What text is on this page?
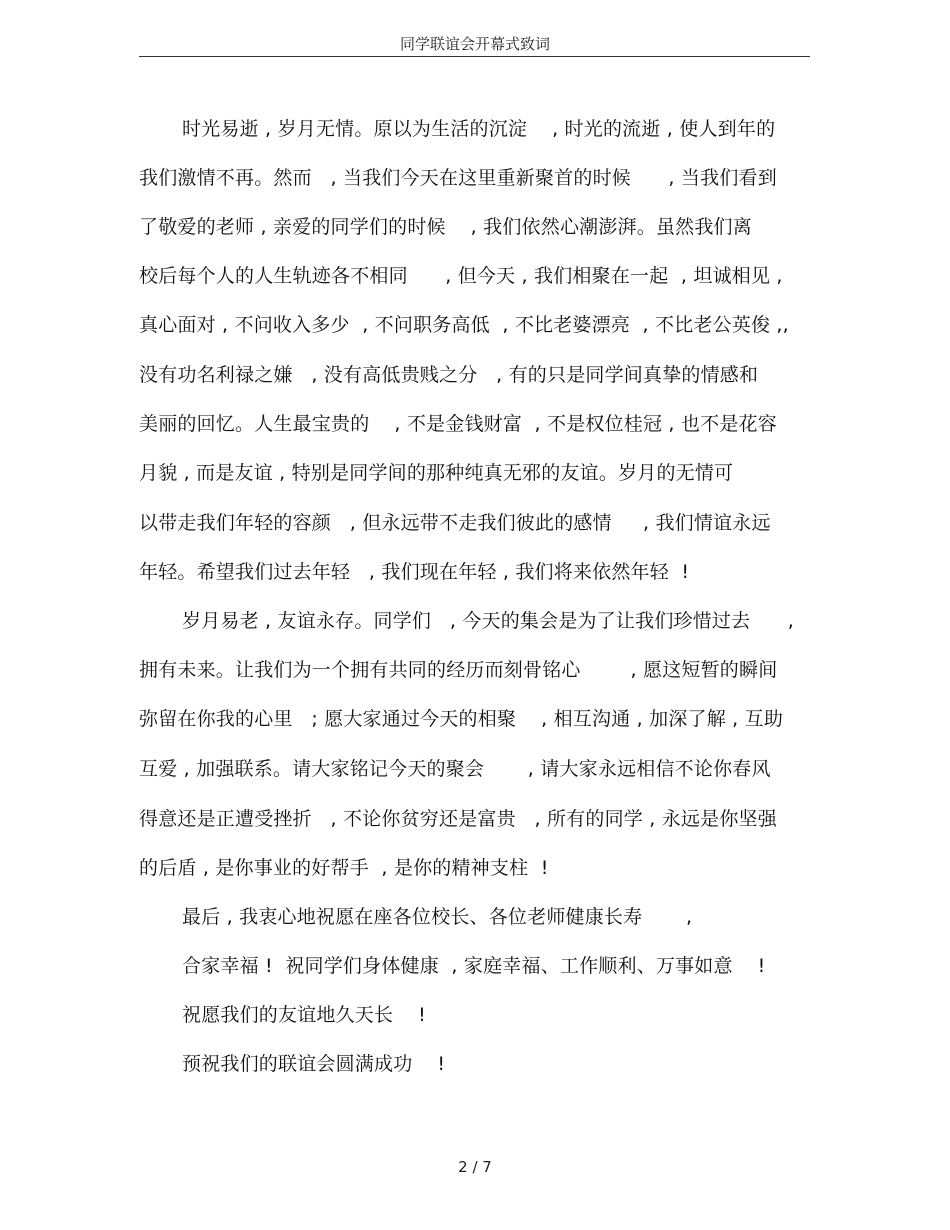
同学联谊会开幕式致词
时光易逝 , 岁月无情。原以为生活的沉淀    , 时光的流逝 , 使人到年的
我们激情不再。然而   , 当我们今天在这里重新聚首的时候      , 当我们看到
了敬爱的老师 , 亲爱的同学们的时候    , 我们依然心潮澎湃。虽然我们离
校后每个人的人生轨迹各不相同      , 但今天 , 我们相聚在一起  , 坦诚相见 ,
真心面对 , 不问收入多少  , 不问职务高低  , 不比老婆漂亮  , 不比老公英俊 ,,
没有功名利禄之嫌   , 没有高低贵贱之分   , 有的只是同学间真挚的情感和
美丽的回忆。人生最宝贵的    , 不是金钱财富  , 不是权位桂冠 , 也不是花容
月貌 , 而是友谊 , 特别是同学间的那种纯真无邪的友谊。岁月的无情可
以带走我们年轻的容颜   , 但永远带不走我们彼此的感情     , 我们情谊永远
年轻。希望我们过去年轻   , 我们现在年轻 , 我们将来依然年轻  !
岁月易老 , 友谊永存。同学们   , 今天的集会是为了让我们珍惜过去      ,
拥有未来。让我们为一个拥有共同的经历而刻骨铭心        , 愿这短暂的瞬间
弥留在你我的心里   ; 愿大家通过今天的相聚    , 相互沟通 , 加深了解 , 互助
互爱 , 加强联系。请大家铭记今天的聚会       , 请大家永远相信不论你春风
得意还是正遭受挫折   , 不论你贫穷还是富贵   , 所有的同学 , 永远是你坚强
的后盾 , 是你事业的好帮手  , 是你的精神支柱  !
最后 , 我衷心地祝愿在座各位校长、各位老师健康长寿       ,
合家幸福 !  祝同学们身体健康  , 家庭幸福、工作顺利、万事如意    !
祝愿我们的友谊地久天长    !
预祝我们的联谊会圆满成功    !
2 / 7
